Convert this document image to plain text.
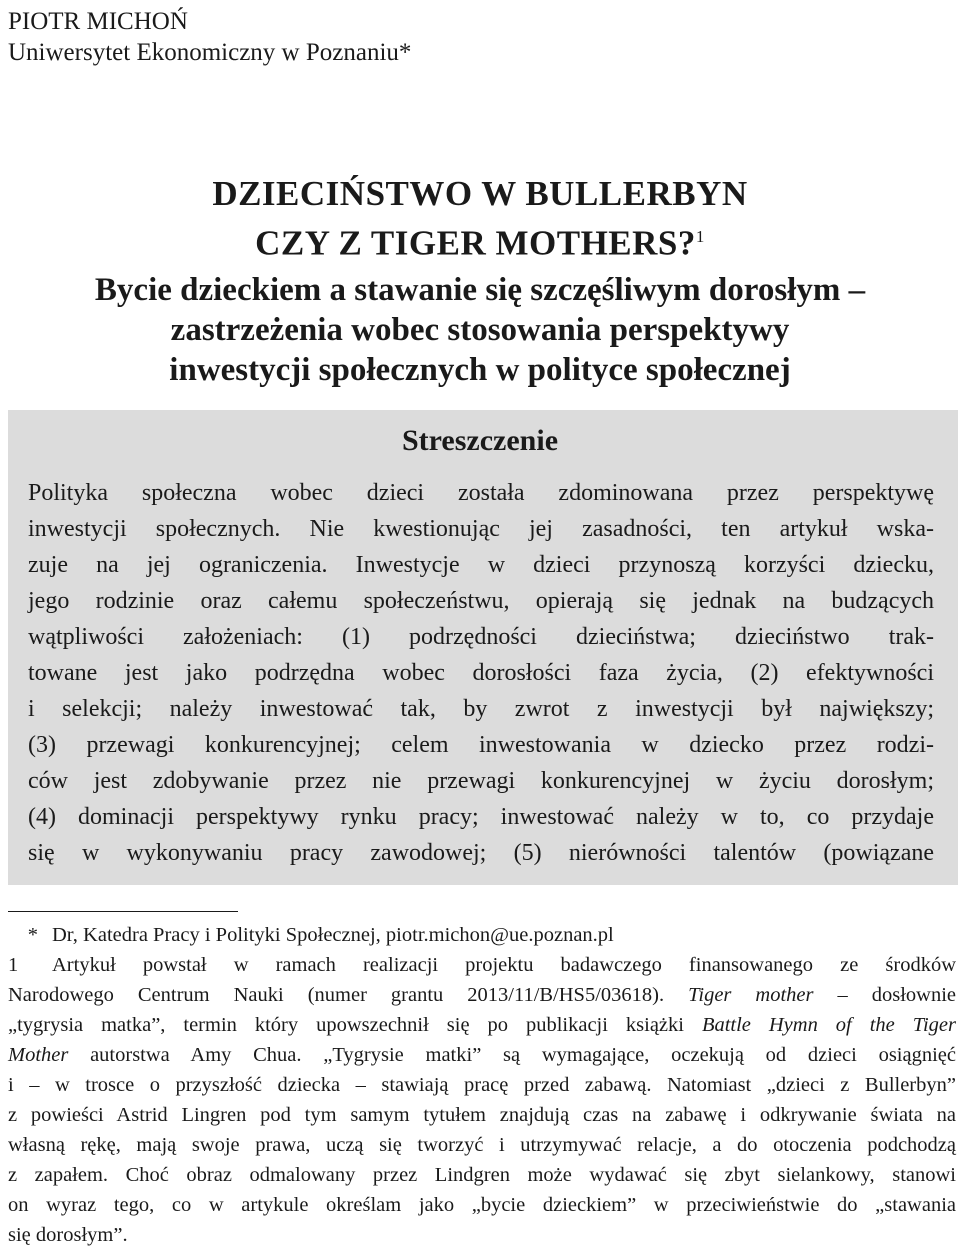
PIOTR MICHOŃ
Uniwersytet Ekonomiczny w Poznaniu*
DZIECIŃSTWO W BULLERBYN
CZY Z TIGER MOTHERS?$^1$
Bycie dzieckiem a stawanie się szczęśliwym dorosłym –
zastrzeżenia wobec stosowania perspektywy
inwestycji społecznych w polityce społecznej
Streszczenie
Polityka społeczna wobec dzieci została zdominowana przez perspektywę
inwestycji społecznych. Nie kwestionując jej zasadności, ten artykuł wska-
zuje na jej ograniczenia. Inwestycje w dzieci przynoszą korzyści dziecku,
jego rodzinie oraz całemu społeczeństwu, opierają się jednak na budzących
wątpliwości założeniach: (1) podrzędności dzieciństwa; dzieciństwo trak-
towane jest jako podrzędna wobec dorosłości faza życia, (2) efektywności
i selekcji; należy inwestować tak, by zwrot z inwestycji był największy;
(3) przewagi konkurencyjnej; celem inwestowania w dziecko przez rodzi-
ców jest zdobywanie przez nie przewagi konkurencyjnej w życiu dorosłym;
(4) dominacji perspektywy rynku pracy; inwestować należy w to, co przydaje
się w wykonywaniu pracy zawodowej; (5) nierówności talentów (powiązane
* Dr, Katedra Pracy i Polityki Społecznej, piotr.michon@ue.poznan.pl
1 Artykuł powstał w ramach realizacji projektu badawczego finansowanego ze środków
Narodowego Centrum Nauki (numer grantu 2013/11/B/HS5/03618). Tiger mother – dosłownie
„tygrysia matka”, termin który upowszechnił się po publikacji książki Battle Hymn of the Tiger
Mother autorstwa Amy Chua. „Tygrysie matki” są wymagające, oczekują od dzieci osiągnięć
i – w trosce o przyszłość dziecka – stawiają pracę przed zabawą. Natomiast „dzieci z Bullerbyn”
z powieści Astrid Lingren pod tym samym tytułem znajdują czas na zabawę i odkrywanie świata na
własną rękę, mają swoje prawa, uczą się tworzyć i utrzymywać relacje, a do otoczenia podchodzą
z zapałem. Choć obraz odmalowany przez Lindgren może wydawać się zbyt sielankowy, stanowi
on wyraz tego, co w artykule określam jako „bycie dzieckiem” w przeciwieństwie do „stawania
się dorosłym”.
